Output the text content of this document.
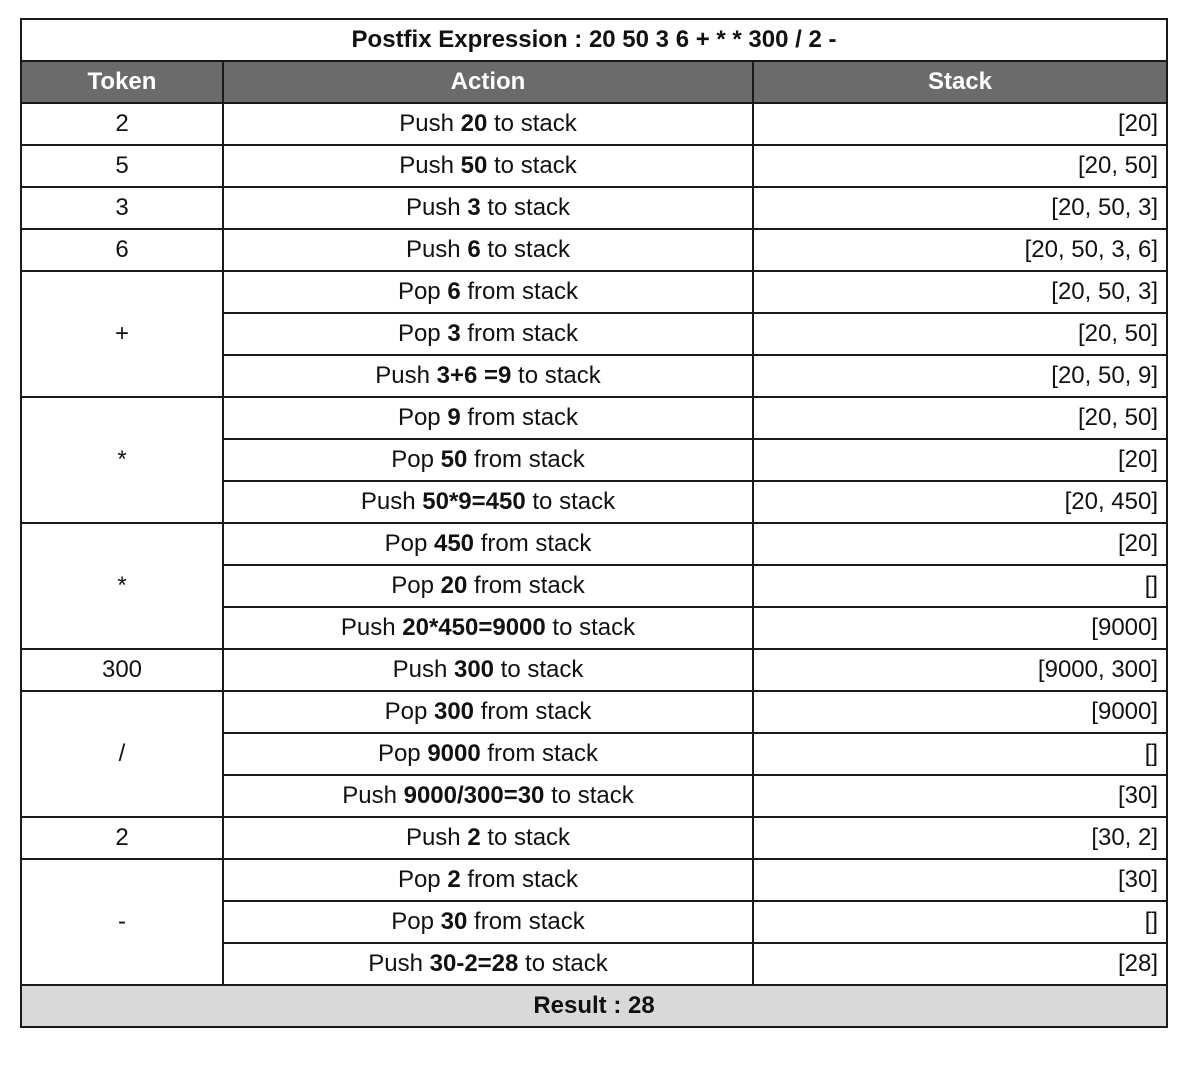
Postfix Expression : 20 50 3 6 + * * 300 / 2 -		
Token	Action	Stack
2	Push 20 to stack	[20]
5	Push 50 to stack	[20, 50]
3	Push 3 to stack	[20, 50, 3]
6	Push 6 to stack	[20, 50, 3, 6]
+	Pop 6 from stack	[20, 50, 3]
	Pop 3 from stack	[20, 50]
	Push 3+6 =9 to stack	[20, 50, 9]
*	Pop 9 from stack	[20, 50]
	Pop 50 from stack	[20]
	Push 50*9=450 to stack	[20, 450]
*	Pop 450 from stack	[20]
	Pop 20 from stack	[]
	Push 20*450=9000 to stack	[9000]
300	Push 300 to stack	[9000, 300]
/	Pop 300 from stack	[9000]
	Pop 9000 from stack	[]
	Push 9000/300=30 to stack	[30]
2	Push 2 to stack	[30, 2]
-	Pop 2 from stack	[30]
	Pop 30 from stack	[]
	Push 30-2=28 to stack	[28]
Result : 28		
